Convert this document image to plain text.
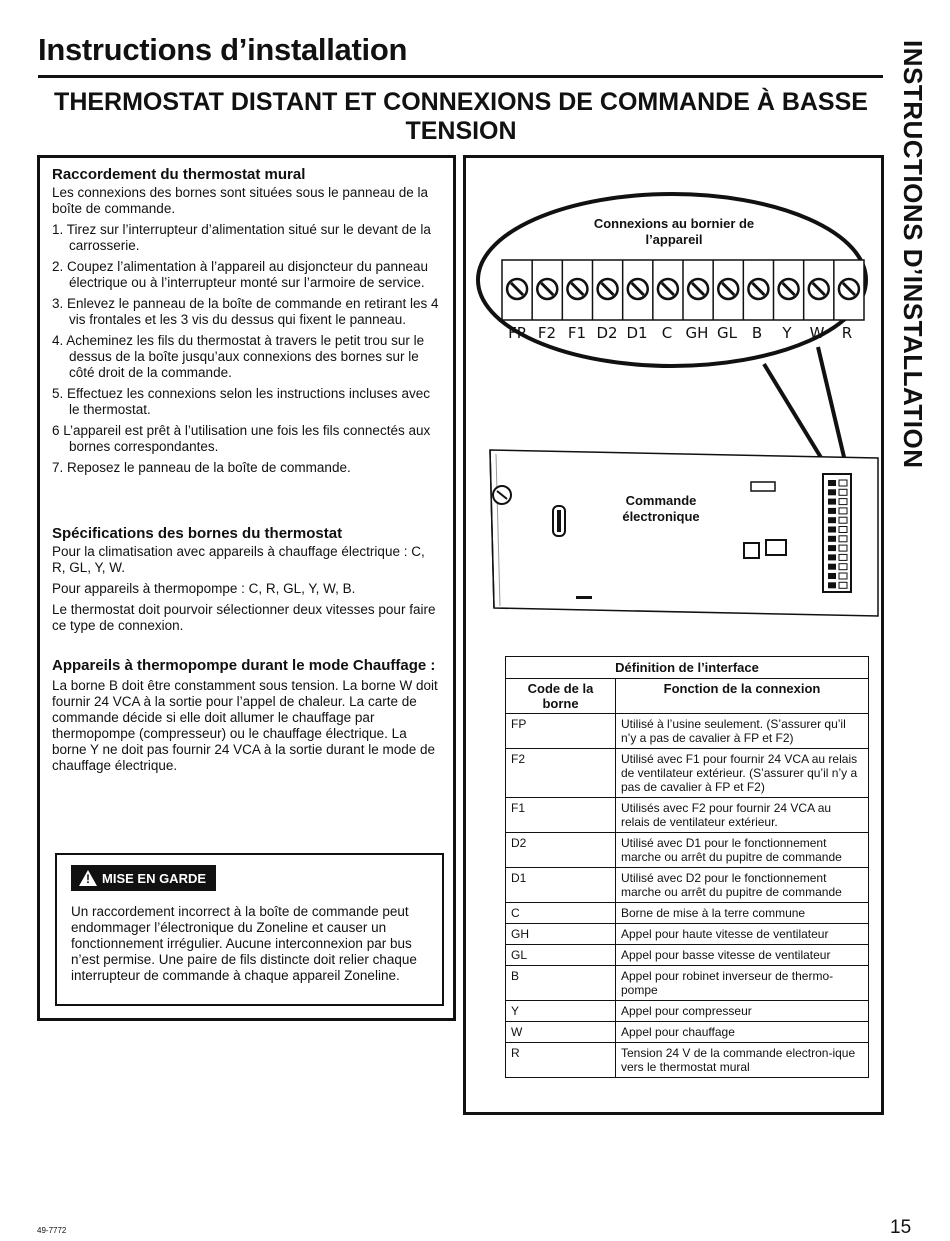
Instructions d’installation
THERMOSTAT DISTANT ET CONNEXIONS DE COMMANDE À BASSE TENSION	INSTRUCTIONS D’INSTALLATION
Raccordement du thermostat mural

Les connexions des bornes sont situées sous le panneau de la boîte de commande.

1. Tirez sur l’interrupteur d’alimentation situé sur le devant de la carrosserie.
2. Coupez l’alimentation à l’appareil au disjoncteur du panneau électrique ou à l’interrupteur monté sur l’armoire de service.
3. Enlevez le panneau de la boîte de commande en retirant les 4 vis frontales et les 3 vis du dessus qui fixent le panneau.
4. Acheminez les fils du thermostat à travers le petit trou sur le dessus de la boîte jusqu’aux connexions des bornes sur le côté droit de la commande.
5. Effectuez les connexions selon les instructions incluses avec le thermostat.
6 L’appareil est prêt à l’utilisation une fois les fils connectés aux bornes correspondantes.
7. Reposez le panneau de la boîte de commande.
Spécifications des bornes du thermostat

Pour la climatisation avec appareils à chauffage électrique : C, R, GL, Y, W.

Pour appareils à thermopompe : C, R, GL, Y, W, B.

Le thermostat doit pourvoir sélectionner deux vitesses pour faire ce type de connexion.

Appareils à thermopompe durant le mode Chauffage :

La borne B doit être constamment sous tension. La borne W doit fournir 24 VCA à la sortie pour l’appel de chaleur. La carte de commande décide si elle doit allumer le chauffage par thermopompe (compresseur) ou le chauffage électrique. La borne Y ne doit pas fournir 24 VCA à la sortie durant le mode de chauffage électrique.

!
MISE EN GARDE

Un raccordement incorrect à la boîte de commande peut endommager l’électronique du Zoneline et causer un fonctionnement irrégulier. Aucune interconnexion par bus n’est permise. Une paire de fils distincte doit relier chaque interrupteur de commande à chaque appareil Zoneline.

Connexions au bornier de l’appareil
FP F2 F1 D2 D1 C GH GL B	Y	W	R
Commande électronique
Définition de l’interface	
Code de la borne	Fonction de la connexion
FP	Utilisé à l’usine seulement. (S’assurer qu’il n’y a pas de cavalier à FP et F2)
F2	Utilisé avec F1 pour fournir 24 VCA au relais de ventilateur extérieur. (S’assurer qu’il n’y a pas de cavalier à FP et F2)
F1	Utilisés avec F2 pour fournir 24 VCA au relais de ventilateur extérieur.
D2	Utilisé avec D1 pour le fonctionnement marche ou arrêt du pupitre de commande
D1	Utilisé avec D2 pour le fonctionnement marche ou arrêt du pupitre de commande
C	Borne de mise à la terre commune
GH	Appel pour haute vitesse de ventilateur
GL	Appel pour basse vitesse de ventilateur
B	Appel pour robinet inverseur de thermo-pompe
Y	Appel pour compresseur
W	Appel pour chauffage
R	Tension 24 V de la commande electron-ique vers le thermostat mural
49-7772	15
